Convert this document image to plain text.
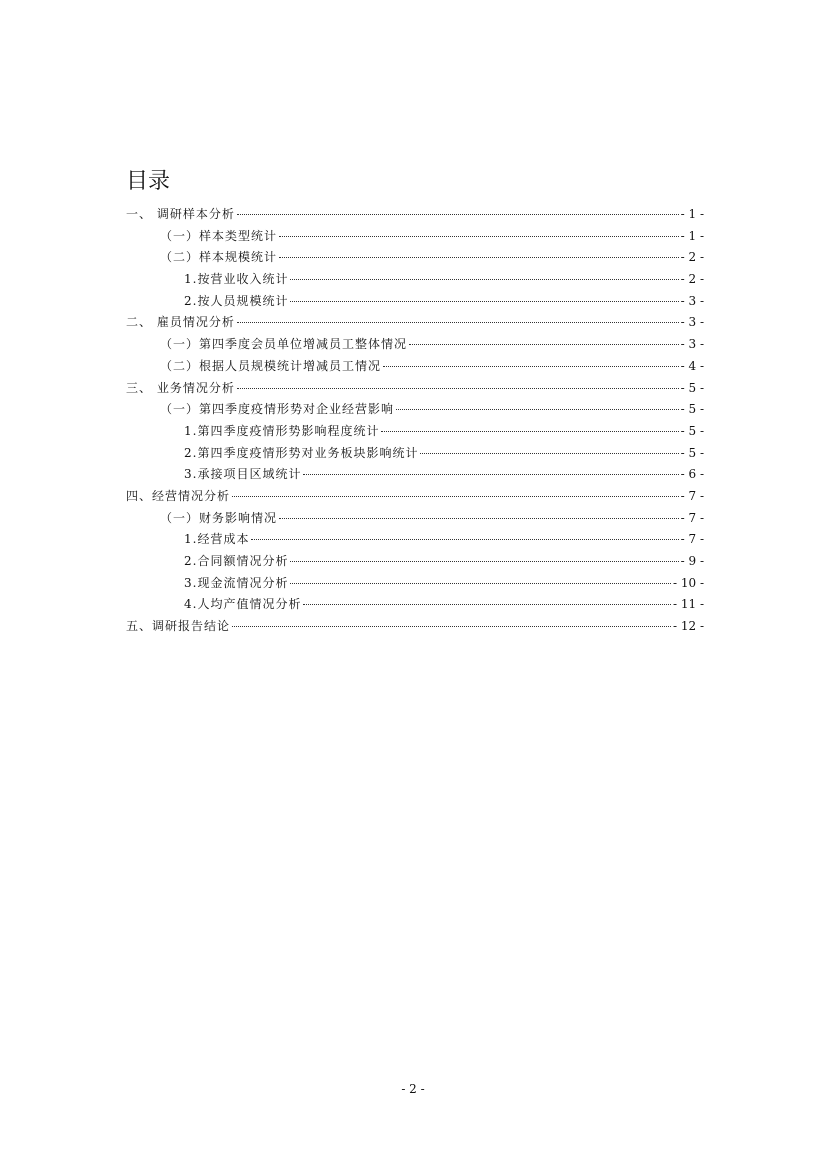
目录
一、 调研样本分析	- 1 -
（一）样本类型统计	- 1 -
（二）样本规模统计	- 2 -
1.按营业收入统计	- 2 -
2.按人员规模统计	- 3 -
二、 雇员情况分析	- 3 -
（一）第四季度会员单位增减员工整体情况	- 3 -
（二）根据人员规模统计增减员工情况	- 4 -
三、 业务情况分析	- 5 -
（一）第四季度疫情形势对企业经营影响	- 5 -
1.第四季度疫情形势影响程度统计	- 5 -
2.第四季度疫情形势对业务板块影响统计	- 5 -
3.承接项目区域统计	- 6 -
四、经营情况分析	- 7 -
（一）财务影响情况	- 7 -
1.经营成本	- 7 -
2.合同额情况分析	- 9 -
3.现金流情况分析	- 10 -
4.人均产值情况分析	- 11 -
五、调研报告结论	- 12 -
- 2 -
